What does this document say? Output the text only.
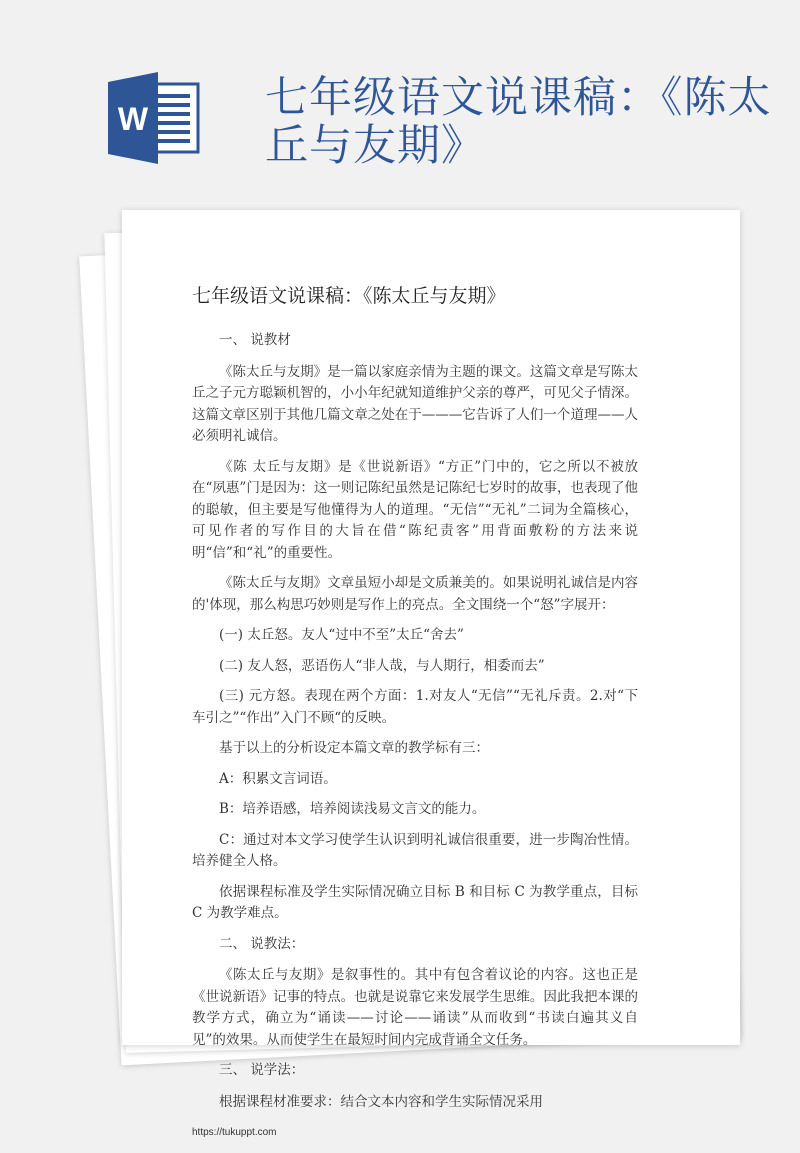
W	七年级语文说课稿：《陈太丘与友期》
七年级语文说课稿：《陈太丘与友期》

一、 说教材

《陈太丘与友期》是一篇以家庭亲情为主题的课文。这篇文章是写陈太丘之子元方聪颖机智的，小小年纪就知道维护父亲的尊严，可见父子情深。这篇文章区别于其他几篇文章之处在于———它告诉了人们一个道理——人必须明礼诚信。

《陈 太丘与友期》是《世说新语》“方正”门中的，它之所以不被放在“夙惠”门是因为：这一则记陈纪虽然是记陈纪七岁时的故事，也表现了他的聪敏，但主要是写他懂得为人的道理。“无信”“无礼”二词为全篇核心，可见作者的写作目的大旨在借“陈纪责客”用背面敷粉的方法来说明“信”和“礼”的重要性。

《陈太丘与友期》文章虽短小却是文质兼美的。如果说明礼诚信是内容的'体现，那么构思巧妙则是写作上的亮点。全文围绕一个“怒”字展开：

(一) 太丘怒。友人“过中不至”太丘“舍去”

(二) 友人怒，恶语伤人“非人哉，与人期行，相委而去”

(三) 元方怒。表现在两个方面：1.对友人“无信”“无礼斥责。2.对“下车引之”“作出”入门不顾“的反映。

基于以上的分析设定本篇文章的教学标有三：

A：积累文言词语。

B：培养语感，培养阅读浅易文言文的能力。

C：通过对本文学习使学生认识到明礼诚信很重要，进一步陶冶性情。培养健全人格。

依据课程标准及学生实际情况确立目标 B 和目标 C 为教学重点，目标 C 为教学难点。

二、 说教法：

《陈太丘与友期》是叙事性的。其中有包含着议论的内容。这也正是《世说新语》记事的特点。也就是说靠它来发展学生思维。因此我把本课的教学方式，确立为“诵读——讨论——诵读”从而收到“书读白遍其义自见”的效果。从而使学生在最短时间内完成背诵全文任务。

三、 说学法：

根据课程材准要求：结合文本内容和学生实际情况采用

https://tukuppt.com
